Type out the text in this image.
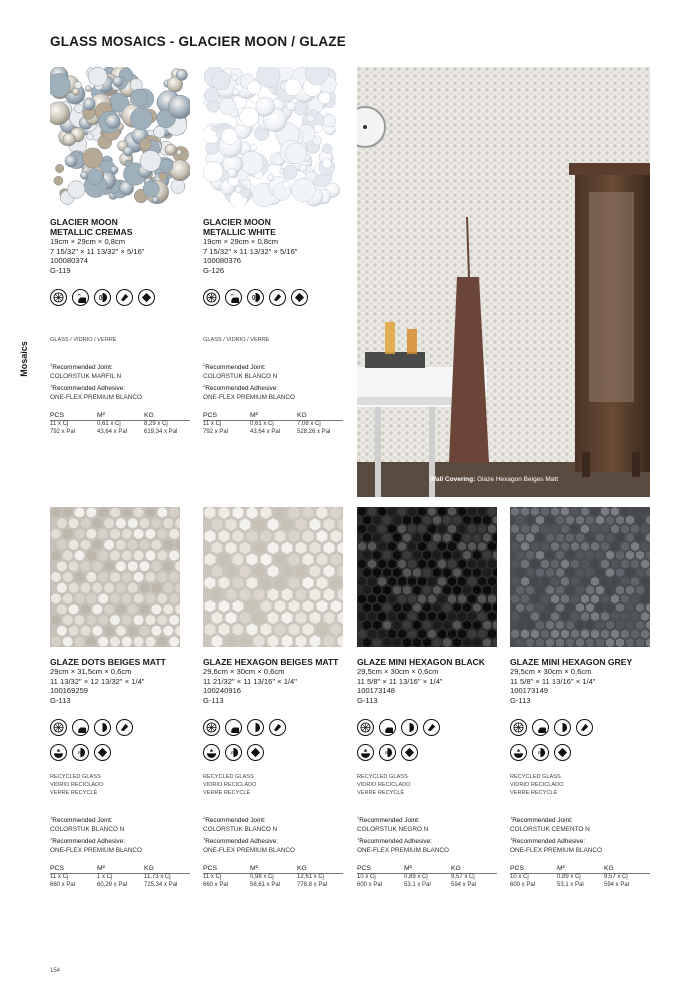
GLASS MOSAICS - GLACIER MOON / GLAZE
Mosaics
GLACIER MOON
METALLIC CREMAS
19cm × 29cm × 0,8cm
7 15/32" × 11 13/32" × 5/16"
100080374
G-119
GLASS / VIDRIO / VERRE
$^1$Recommended Joint:
COLORSTUK MARFIL N
$^1$Recommended Adhesive:
ONE-FLEX PREMIUM BLANCO
PCS	M²	KG
11 x Cj	0,61 x Cj	8,29 x Cj
792 x Pal	43,64 x Pal	619,34 x Pal
GLACIER MOON
METALLIC WHITE
19cm × 29cm × 0,8cm
7 15/32" × 11 13/32" × 5/16"
100080376
G-126
GLASS / VIDRIO / VERRE
$^1$Recommended Joint:
COLORSTUK BLANCO N
$^1$Recommended Adhesive:
ONE-FLEX PREMIUM BLANCO
PCS	M²	KG
11 x Cj	0,61 x Cj	7,08 x Cj
792 x Pal	43,64 x Pal	528,26 x Pal
Wall Covering: Glaze Hexagon Beiges Matt
GLAZE DOTS BEIGES MATT
29cm × 31,5cm × 0,6cm
11 13/32" × 12 13/32" × 1/4"
100169259
G-113
R
RECYCLED GLASS
VIDRIO RECICLADO
VERRE RECYCLÉ
$^1$Recommended Joint:
COLORSTUK BLANCO N
$^1$Recommended Adhesive:
ONE-FLEX PREMIUM BLANCO
PCS	M²	KG
11 x Cj	1 x Cj	11,73 x Cj
660 x Pal	60,29 x Pal	725,34 x Pal
GLAZE HEXAGON BEIGES MATT
29,6cm × 30cm × 0,6cm
11 21/32" × 11 13/16" × 1/4"
100240916
G-113
R
RECYCLED GLASS
VIDRIO RECICLADO
VERRE RECYCLÉ
$^1$Recommended Joint:
COLORSTUK BLANCO N
$^1$Recommended Adhesive:
ONE-FLEX PREMIUM BLANCO
PCS	M²	KG
11 x Cj	0,98 x Cj	12,61 x Cj
660 x Pal	58,61 x Pal	778,8 x Pal
GLAZE MINI HEXAGON BLACK
29,5cm × 30cm × 0,6cm
11 5/8" × 11 13/16" × 1/4"
100173148
G-113
R
RECYCLED GLASS
VIDRIO RECICLADO
VERRE RECYCLÉ
$^1$Recommended Joint:
COLORSTUK NEGRO N
$^1$Recommended Adhesive:
ONE-FLEX PREMIUM BLANCO
PCS	M²	KG
10 x Cj	0,89 x Cj	9,57 x Cj
600 x Pal	53,1 x Pal	594 x Pal
GLAZE MINI HEXAGON GREY
29,5cm × 30cm × 0,6cm
11 5/8" × 11 13/16" × 1/4"
100173149
G-113
R
RECYCLED GLASS
VIDRIO RECICLADO
VERRE RECYCLÉ
$^1$Recommended Joint:
COLORSTUK CEMENTO N
$^1$Recommended Adhesive:
ONE-FLEX PREMIUM BLANCO
PCS	M²	KG
10 x Cj	0,89 x Cj	9,57 x Cj
600 x Pal	53,1 x Pal	594 x Pal
154
